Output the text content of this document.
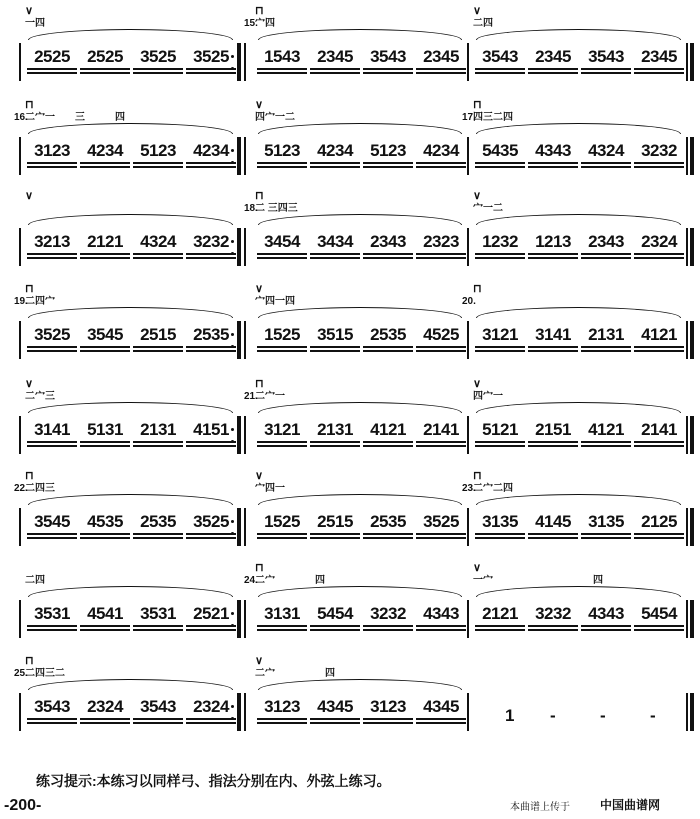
∨
一四
2525	2525	3525	3525
15.
⊓
宀四
1543	2345	3543	2345
∨
二四
3543	2345	3543	2345
16.
⊓
二宀一　　三　　　四
3123	4234	5123	4234
∨
四宀一二
5123	4234	5123	4234
17.
⊓
四三二四
5435	4343	4324	3232
∨
3213	2121	4324	3232
18.
⊓
二 三四三
3454	3434	2343	2323
∨
宀一二
1232	1213	2343	2324
19.
⊓
二四宀
3525	3545	2515	2535
∨
宀四一四
1525	3515	2535	4525
20.
⊓
3121	3141	2131	4121
∨
二宀三
3141	5131	2131	4151
21.
⊓
二宀一
3121	2131	4121	2141
∨
四宀一
5121	2151	4121	2141
22.
⊓
二四三
3545	4535	2535	3525
∨
宀四一
1525	2515	2535	3525
23.
⊓
二宀二四
3135	4145	3135	2125
二四
3531	4541	3531	2521
24.
⊓
二宀　　　　四
3131	5454	3232	4343
∨
一宀　　　　　　　　　　四
2121	3232	4343	5454
25.
⊓
二四三二
3543	2324	3543	2324
∨
二宀　　　　　四
3123	4345	3123	4345	1 -	-	-
练习提示:本练习以同样弓、指法分别在内、外弦上练习。
-200-	本曲谱上传于	中国曲谱网
